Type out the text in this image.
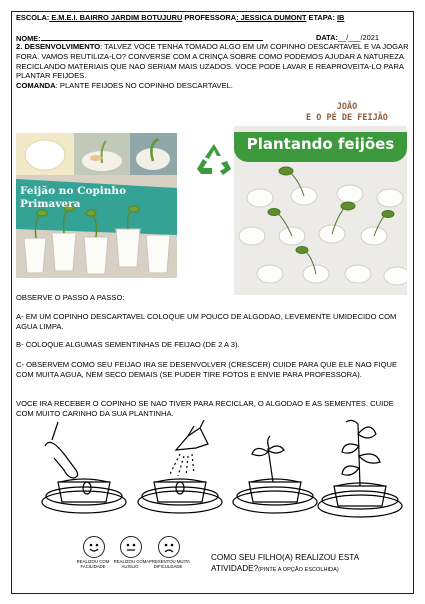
ESCOLA: E.M.E.I. BAIRRO JARDIM BOTUJURU PROFESSORA: JESSICA DUMONT ETAPA: IB
NOME:	DATA:__/___/2021
2. DESENVOLVIMENTO: TALVEZ VOCE TENHA TOMADO ALGO EM UM COPINHO DESCARTAVEL E VA JOGAR FORA. VAMOS REUTILIZA-LO? CONVERSE COM A CRINÇA SOBRE COMO PODEMOS AJUDAR A NATUREZA RECICLANDO MATERIAIS QUE NAO SERIAM MAIS UZADOS. VOCE PODE LAVAR E REAPROVEITA-LO PARA PLANTAR FEIJOES.
COMANDA: PLANTE FEIJOES NO COPINHO DESCARTAVEL.
JOÃO
E O PÉ DE FEIJÃO
Feijão no Copinho
Primavera
Plantando feijões
OBSERVE O PASSO A PASSO:
A- EM UM COPINHO DESCARTAVEL COLOQUE UM POUCO DE ALGODAO, LEVEMENTE UMIDECIDO COM AGUA LIMPA.
B- COLOQUE ALGUMAS SEMENTINHAS DE FEIJAO (DE 2 A 3).
C- OBSERVEM COMO SEU FEIJAO IRA SE DESENVOLVER (CRESCER) CUIDE PARA QUE ELE NAO FIQUE COM MUITA AGUA, NEM SECO DEMAIS (SE PUDER TIRE FOTOS E ENVIE PARA PROFESSORA).
VOCE IRA RECEBER O COPINHO SE NAO TIVER PARA RECICLAR, O ALGODAO E AS SEMENTES. CUIDE COM MUITO CARINHO DA SUA PLANTINHA.
REALIZOU COM FACILIDADE
REALIZOU COM AUXILIO
APRESENTOU MUITA DIFICULDADE
COMO SEU FILHO(A) REALIZOU ESTA
ATIVIDADE?(PINTE A OPÇÃO ESCOLHIDA)
